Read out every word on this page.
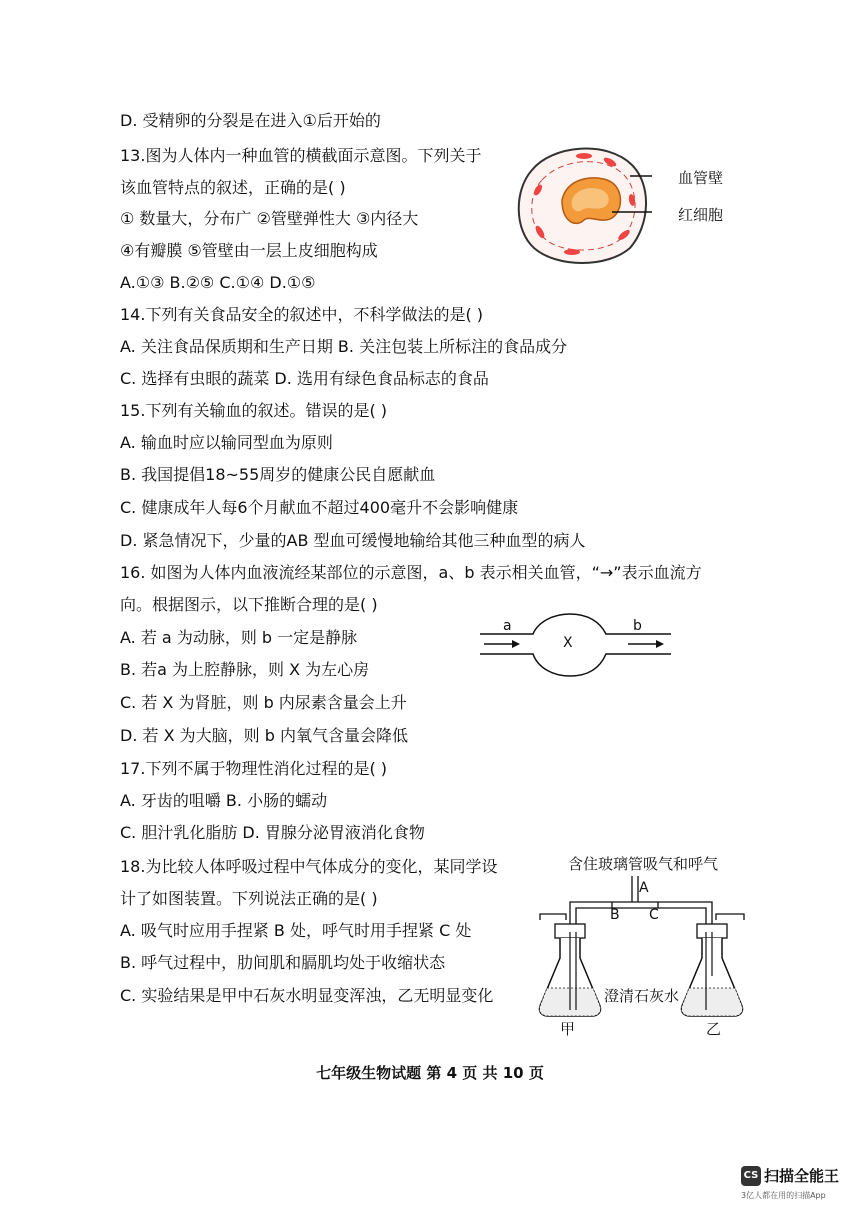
D. 受精卵的分裂是在进入①后开始的
13.图为人体内一种血管的横截面示意图。下列关于
该血管特点的叙述，正确的是( )
① 数量大，分布广 ②管壁弹性大 ③内径大
④有瓣膜 ⑤管壁由一层上皮细胞构成
A.①③ B.②⑤ C.①④ D.①⑤
14.下列有关食品安全的叙述中，不科学做法的是( )
A. 关注食品保质期和生产日期 B. 关注包装上所标注的食品成分
C. 选择有虫眼的蔬菜 D. 选用有绿色食品标志的食品
15.下列有关输血的叙述。错误的是( )
A. 输血时应以输同型血为原则
B. 我国提倡18~55周岁的健康公民自愿献血
C. 健康成年人每6个月献血不超过400毫升不会影响健康
D. 紧急情况下，少量的AB 型血可缓慢地输给其他三种血型的病人
16. 如图为人体内血液流经某部位的示意图，a、b 表示相关血管，“→”表示血流方
向。根据图示，以下推断合理的是( )
A. 若 a 为动脉，则 b 一定是静脉
B. 若a 为上腔静脉，则 X 为左心房
C. 若 X 为肾脏，则 b 内尿素含量会上升
D. 若 X 为大脑，则 b 内氧气含量会降低
17.下列不属于物理性消化过程的是( )
A. 牙齿的咀嚼 B. 小肠的蠕动
C. 胆汁乳化脂肪 D. 胃腺分泌胃液消化食物
18.为比较人体呼吸过程中气体成分的变化，某同学设
计了如图装置。下列说法正确的是( )
A. 吸气时应用手捏紧 B 处，呼气时用手捏紧 C 处
B. 呼气过程中，肋间肌和膈肌均处于收缩状态
C. 实验结果是甲中石灰水明显变浑浊，乙无明显变化
血管壁
红细胞
a	b
X
含住玻璃管吸气和呼气
A
B C
澄清石灰水
甲	乙
七年级生物试题 第 4 页 共 10 页
CS 扫描全能王
3亿人都在用的扫描App
